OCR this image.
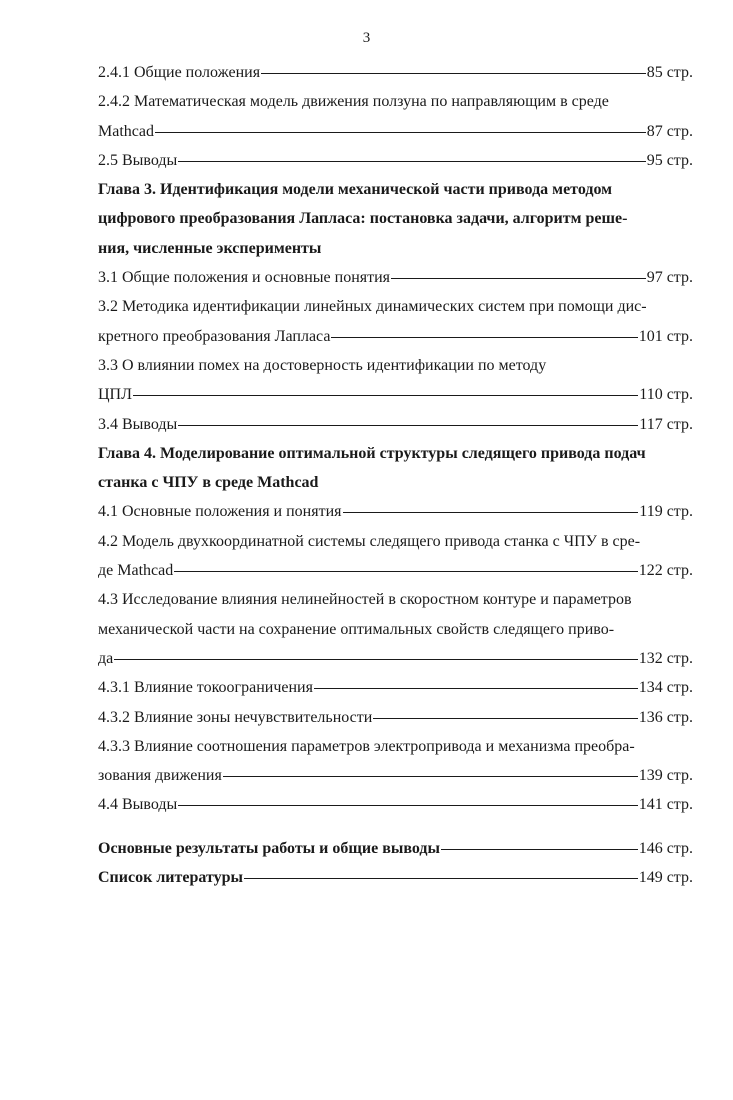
3
2.4.1 Общие положения	85 стр.
2.4.2 Математическая модель движения ползуна по направляющим в среде
Mathcad	87 стр.
2.5 Выводы	95 стр.
Глава 3. Идентификация модели механической части привода методом
цифрового преобразования Лапласа: постановка задачи, алгоритм реше-
ния, численные эксперименты
3.1 Общие положения и основные понятия	97 стр.
3.2 Методика идентификации линейных динамических систем при помощи дис-
кретного преобразования Лапласа	101 стр.
3.3 О влиянии помех на достоверность идентификации по методу
ЦПЛ	110 стр.
3.4 Выводы	117 стр.
Глава 4. Моделирование оптимальной структуры следящего привода подач
станка с ЧПУ в среде Mathcad
4.1 Основные положения и понятия	119 стр.
4.2 Модель двухкоординатной системы следящего привода станка с ЧПУ в сре-
де Mathcad	122 стр.
4.3 Исследование влияния нелинейностей в скоростном контуре и параметров
механической части на сохранение оптимальных свойств следящего приво-
да	132 стр.
4.3.1 Влияние токоограничения	134 стр.
4.3.2 Влияние зоны нечувствительности	136 стр.
4.3.3 Влияние соотношения параметров электропривода и механизма преобра-
зования движения	139 стр.
4.4 Выводы	141 стр.
Основные результаты работы и общие выводы	146 стр.
Список литературы	149 стр.
